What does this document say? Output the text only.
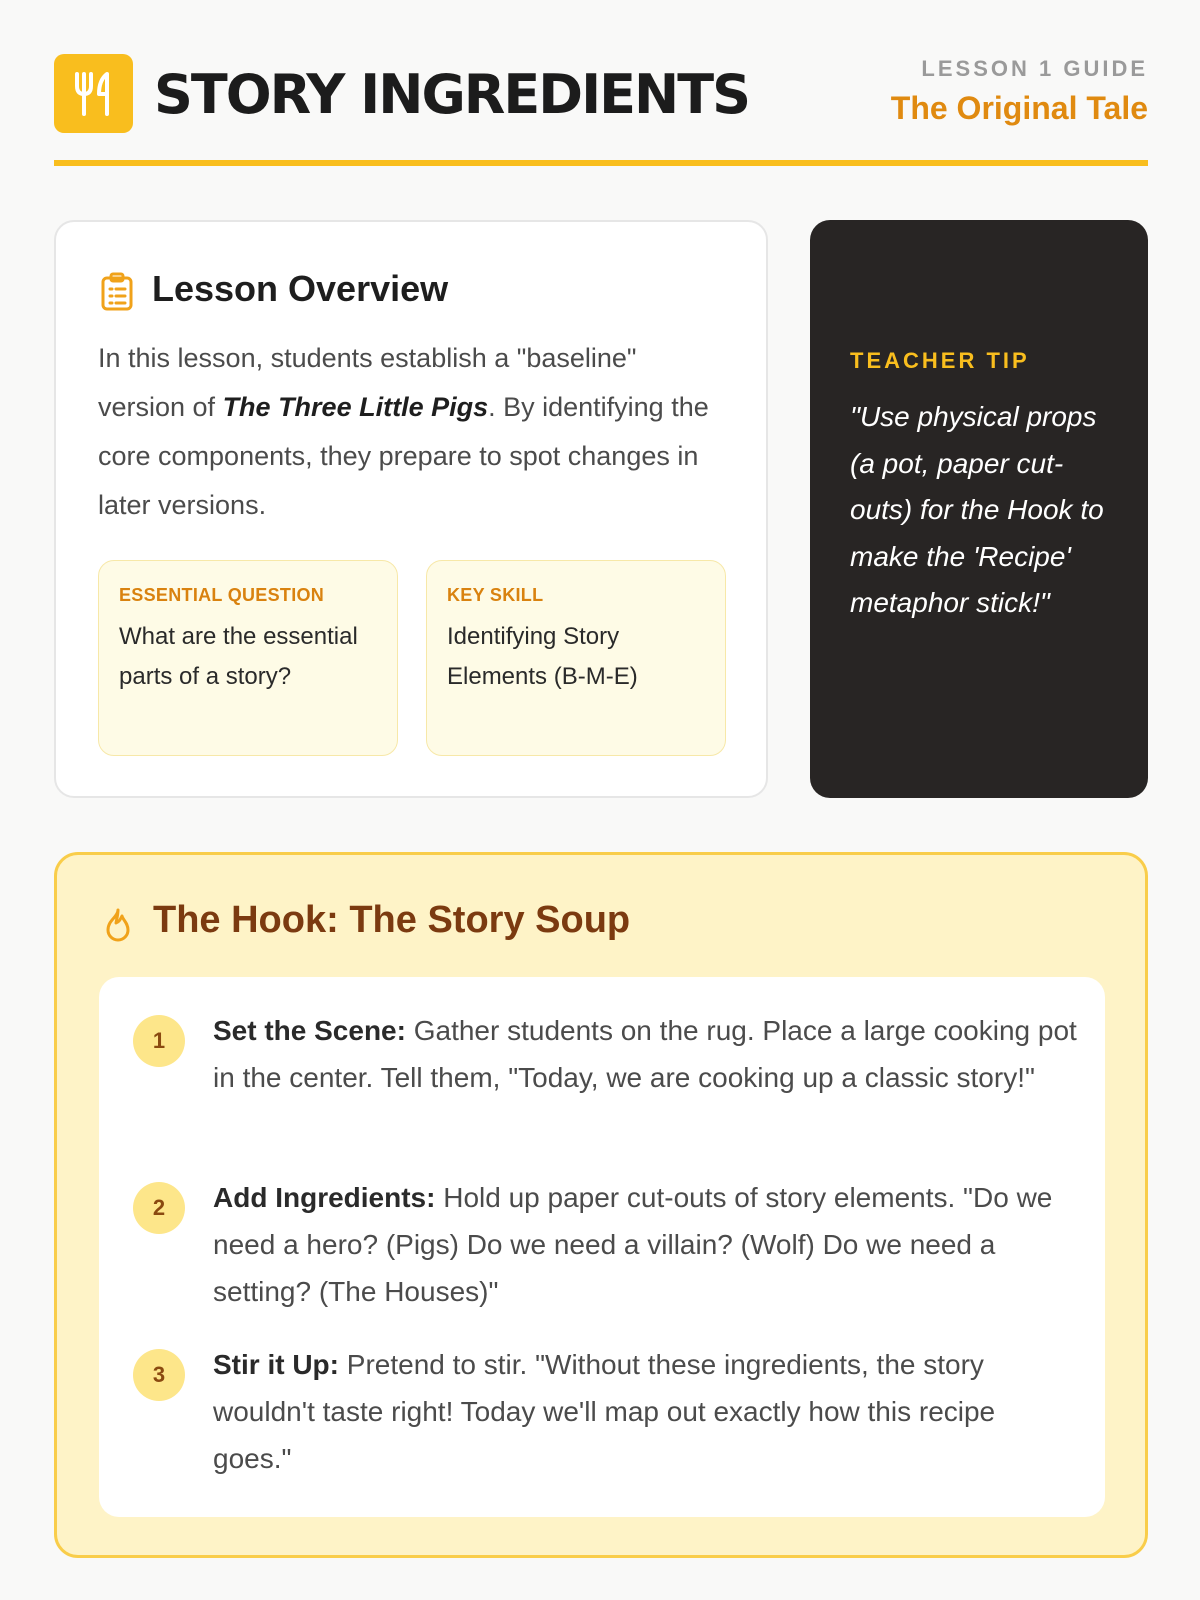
STORY INGREDIENTS	LESSON 1 GUIDE
The Original Tale
Lesson Overview

In this lesson, students establish a "baseline" version of The Three Little Pigs. By identifying the core components, they prepare to spot changes in later versions.

ESSENTIAL QUESTION
What are the essential parts of a story?
KEY SKILL
Identifying Story Elements (B-M-E)
TEACHER TIP

"Use physical props (a pot, paper cut-outs) for the Hook to make the 'Recipe' metaphor stick!"

The Hook: The Story Soup
1	Set the Scene: Gather students on the rug. Place a large cooking pot in the center. Tell them, "Today, we are cooking up a classic story!"

2	Add Ingredients: Hold up paper cut-outs of story elements. "Do we need a hero? (Pigs) Do we need a villain? (Wolf) Do we need a setting? (The Houses)"

3	Stir it Up: Pretend to stir. "Without these ingredients, the story wouldn't taste right! Today we'll map out exactly how this recipe goes."
